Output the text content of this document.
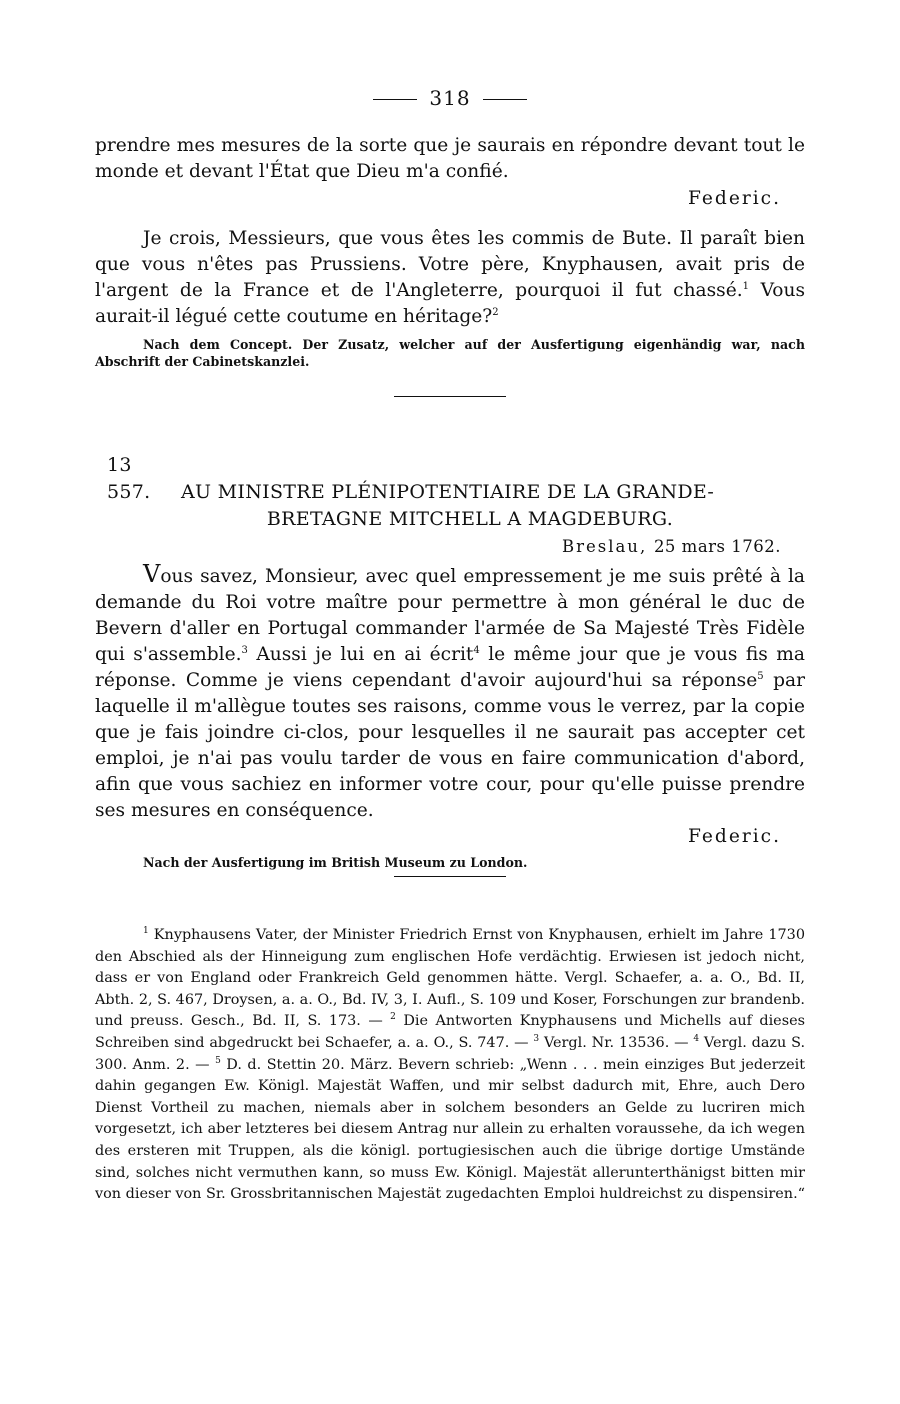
318
prendre mes mesures de la sorte que je saurais en répondre devant tout le monde et devant l'État que Dieu m'a confié.
Federic.
Je crois, Messieurs, que vous êtes les commis de Bute. Il paraît bien que vous n'êtes pas Prussiens. Votre père, Knyphausen, avait pris de l'argent de la France et de l'Angleterre, pourquoi il fut chassé.$^1$ Vous aurait-il légué cette coutume en héritage?$^2$
Nach dem Concept. Der Zusatz, welcher auf der Ausfertigung eigenhändig war, nach Abschrift der Cabinetskanzlei.
13 557. AU MINISTRE PLÉNIPOTENTIAIRE DE LA GRANDE-
BRETAGNE MITCHELL A MAGDEBURG.
Breslau, 25 mars 1762.
Vous savez, Monsieur, avec quel empressement je me suis prêté à la demande du Roi votre maître pour permettre à mon général le duc de Bevern d'aller en Portugal commander l'armée de Sa Majesté Très Fidèle qui s'assemble.$^3$ Aussi je lui en ai écrit$^4$ le même jour que je vous fis ma réponse. Comme je viens cependant d'avoir aujourd'hui sa réponse$^5$ par laquelle il m'allègue toutes ses raisons, comme vous le verrez, par la copie que je fais joindre ci-clos, pour lesquelles il ne saurait pas accepter cet emploi, je n'ai pas voulu tarder de vous en faire communication d'abord, afin que vous sachiez en informer votre cour, pour qu'elle puisse prendre ses mesures en conséquence.
Federic.
Nach der Ausfertigung im British Museum zu London.
$^1$ Knyphausens Vater, der Minister Friedrich Ernst von Knyphausen, erhielt im Jahre 1730 den Abschied als der Hinneigung zum englischen Hofe verdächtig. Erwiesen ist jedoch nicht, dass er von England oder Frankreich Geld genommen hätte. Vergl. Schaefer, a. a. O., Bd. II, Abth. 2, S. 467, Droysen, a. a. O., Bd. IV, 3, I. Aufl., S. 109 und Koser, Forschungen zur brandenb. und preuss. Gesch., Bd. II, S. 173. — $^2$ Die Antworten Knyphausens und Michells auf dieses Schreiben sind abgedruckt bei Schaefer, a. a. O., S. 747. — $^3$ Vergl. Nr. 13536. — $^4$ Vergl. dazu S. 300. Anm. 2. — $^5$ D. d. Stettin 20. März. Bevern schrieb: „Wenn . . . mein einziges But jederzeit dahin gegangen Ew. Königl. Majestät Waffen, und mir selbst dadurch mit, Ehre, auch Dero Dienst Vortheil zu machen, niemals aber in solchem besonders an Gelde zu lucriren mich vorgesetzt, ich aber letzteres bei diesem Antrag nur allein zu erhalten voraussehe, da ich wegen des ersteren mit Truppen, als die königl. portugiesischen auch die übrige dortige Umstände sind, solches nicht vermuthen kann, so muss Ew. Königl. Majestät allerunterthänigst bitten mir von dieser von Sr. Grossbritannischen Majestät zugedachten Emploi huldreichst zu dispensiren.“
